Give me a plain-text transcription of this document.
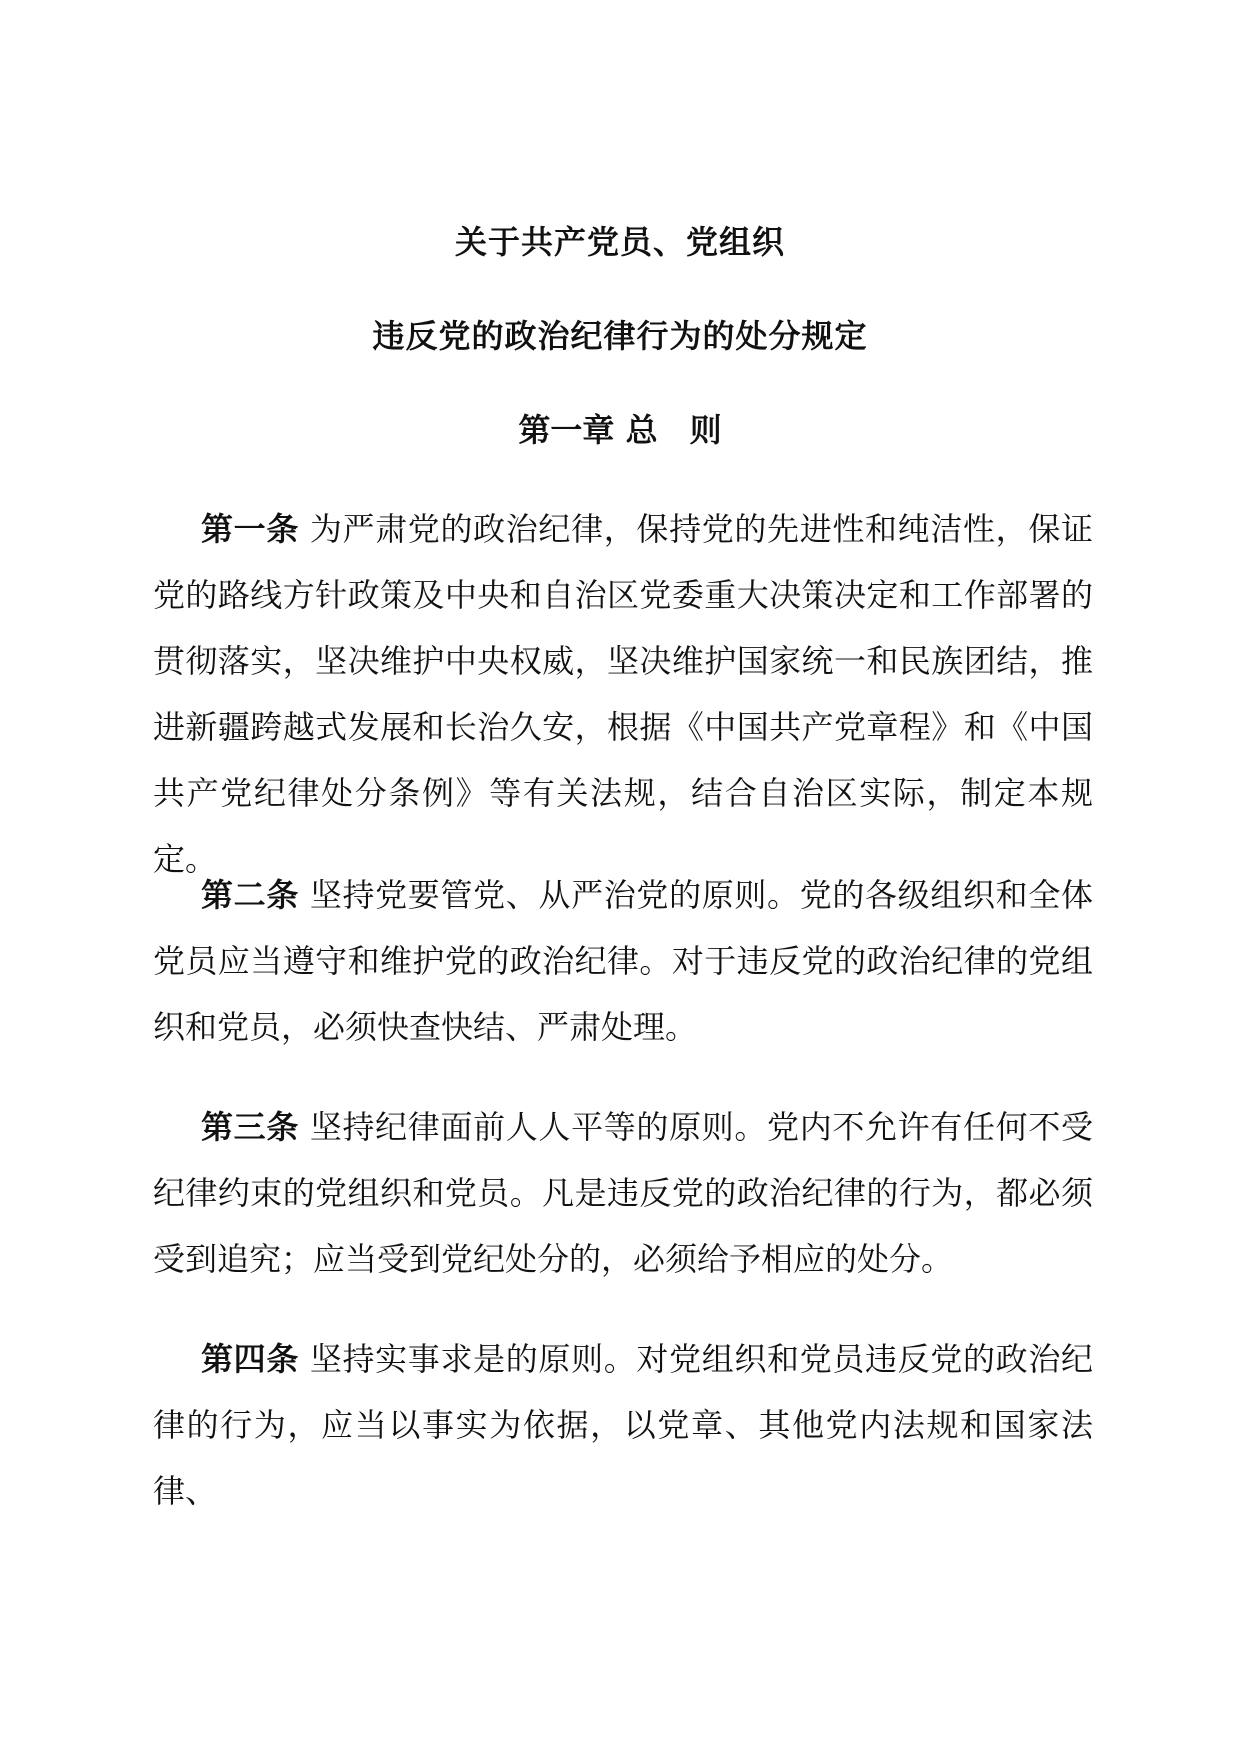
关于共产党员、党组织
违反党的政治纪律行为的处分规定
第一章 总　则

第一条 为严肃党的政治纪律，保持党的先进性和纯洁性，保证党的路线方针政策及中央和自治区党委重大决策决定和工作部署的贯彻落实，坚决维护中央权威，坚决维护国家统一和民族团结，推进新疆跨越式发展和长治久安，根据《中国共产党章程》和《中国共产党纪律处分条例》等有关法规，结合自治区实际，制定本规定。

第二条 坚持党要管党、从严治党的原则。党的各级组织和全体党员应当遵守和维护党的政治纪律。对于违反党的政治纪律的党组织和党员，必须快查快结、严肃处理。

第三条 坚持纪律面前人人平等的原则。党内不允许有任何不受纪律约束的党组织和党员。凡是违反党的政治纪律的行为，都必须受到追究；应当受到党纪处分的，必须给予相应的处分。

第四条 坚持实事求是的原则。对党组织和党员违反党的政治纪律的行为，应当以事实为依据，以党章、其他党内法规和国家法律、
